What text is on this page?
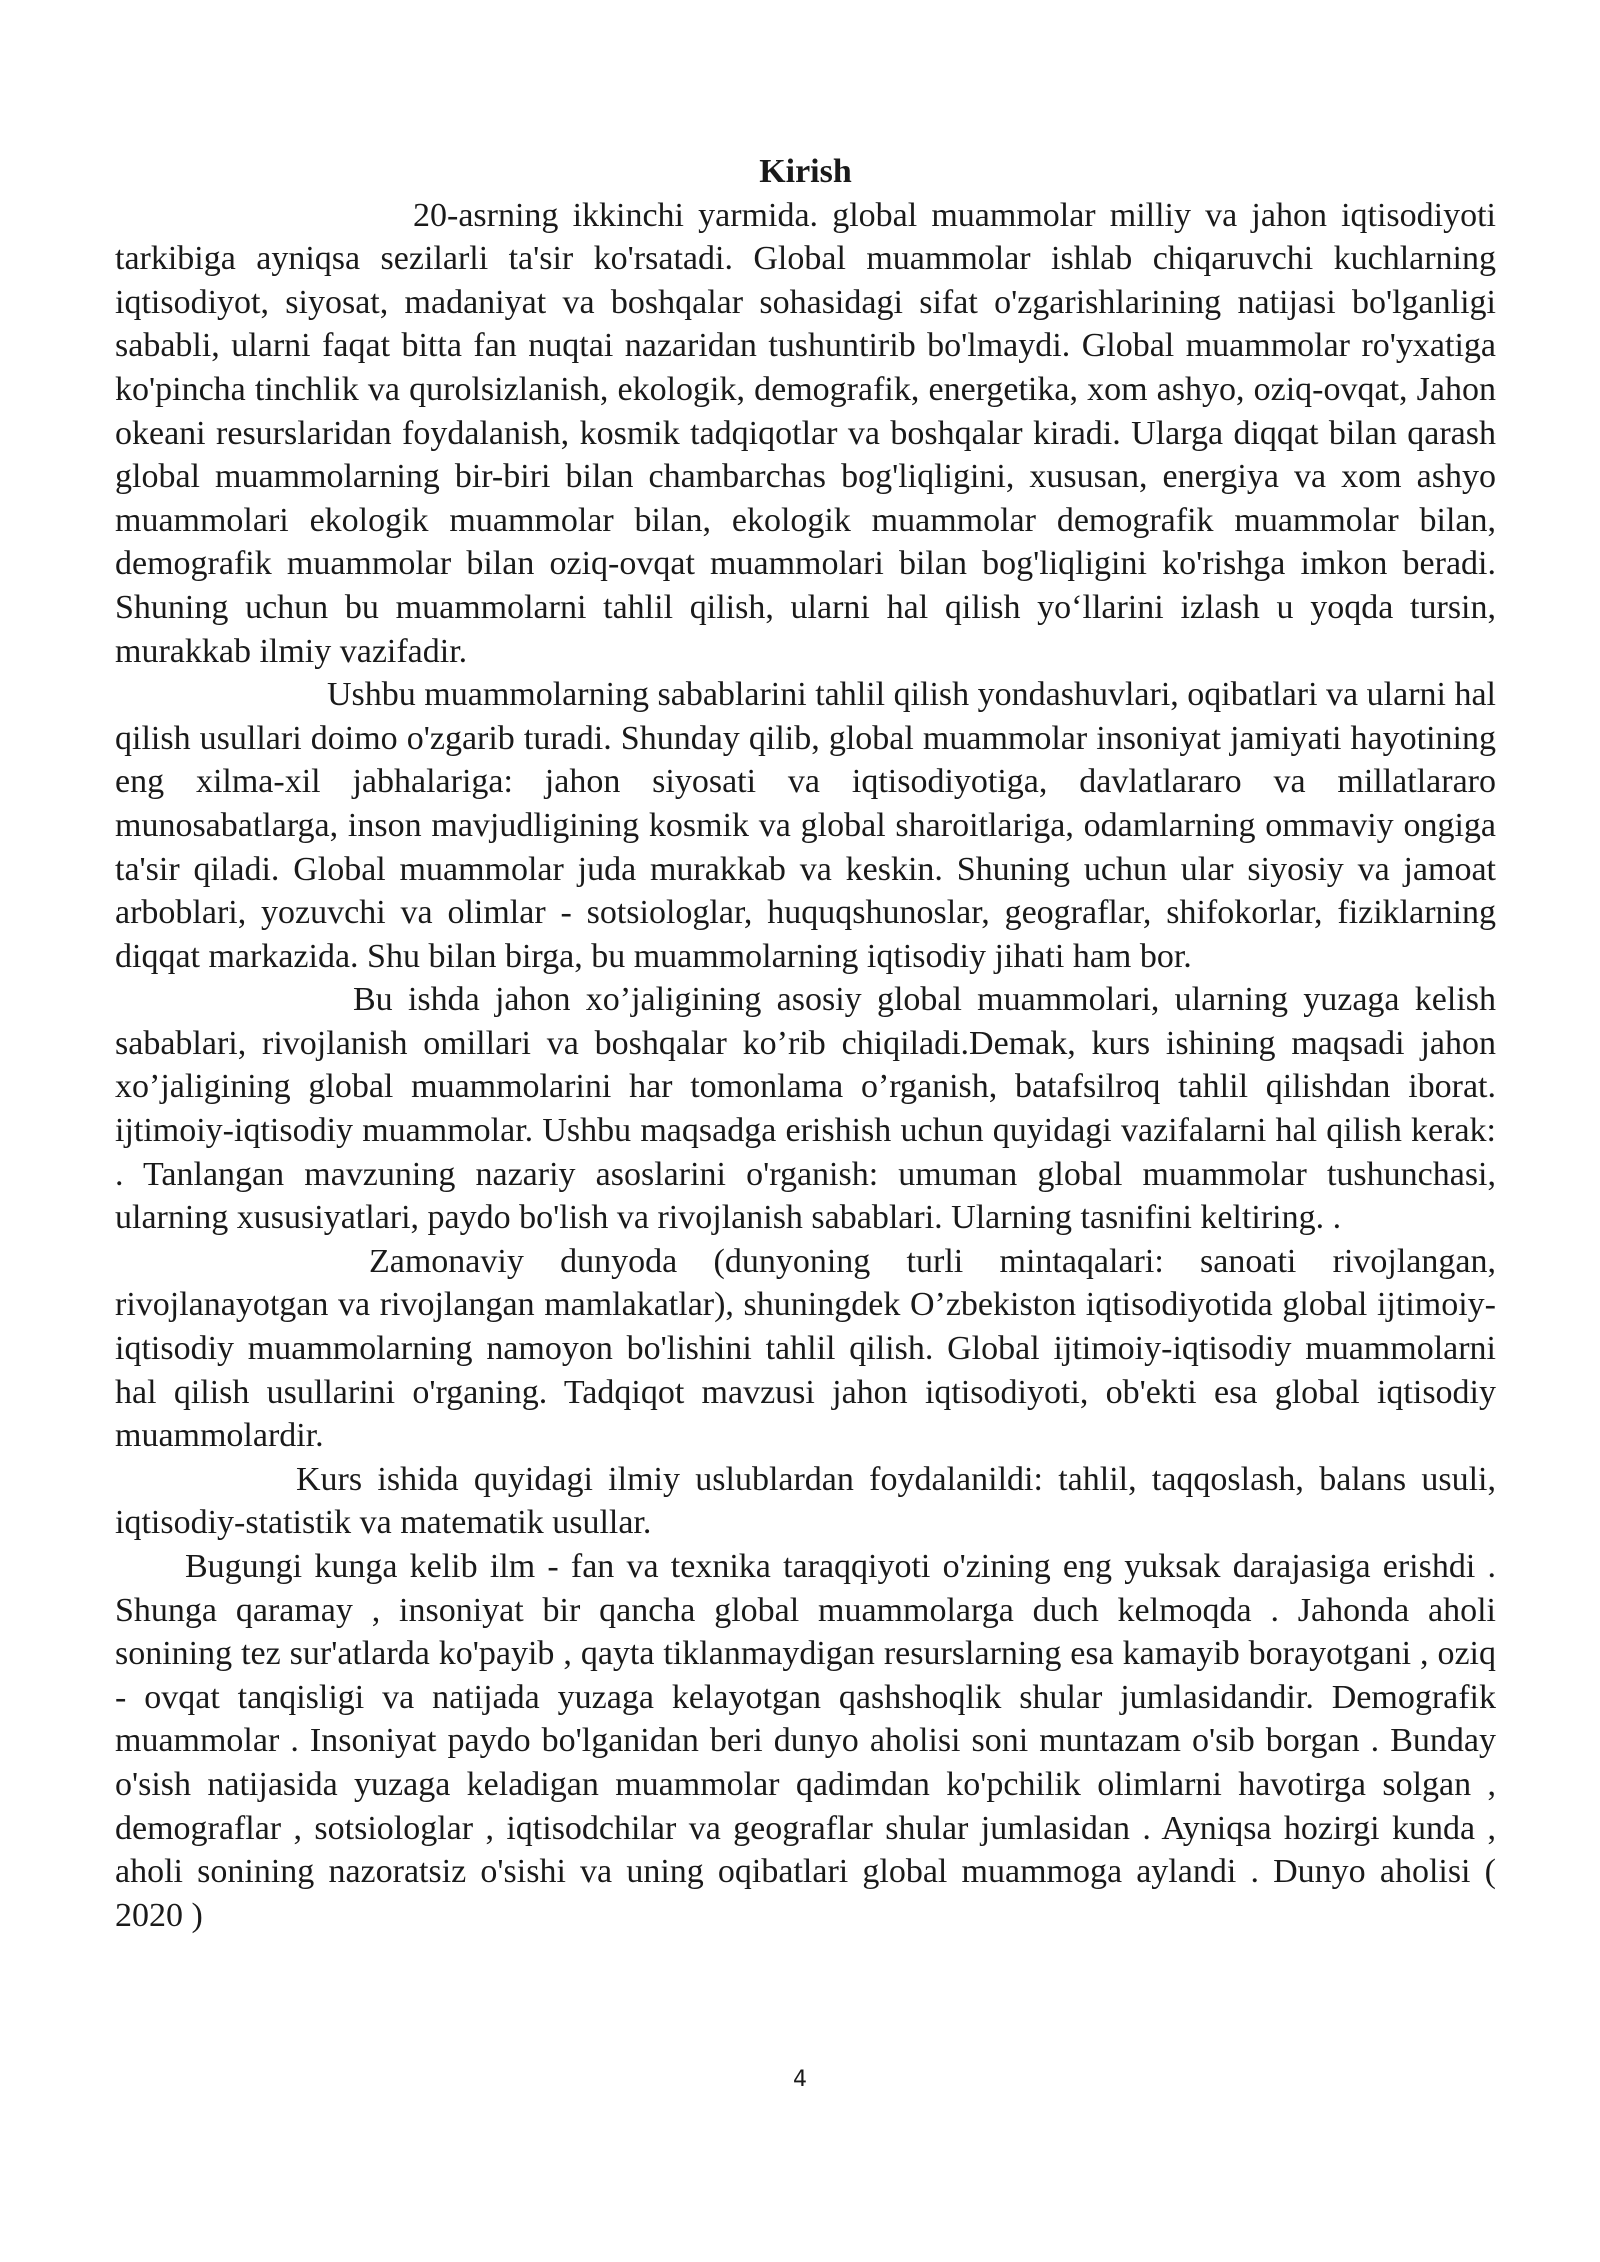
Kirish

20-asrning ikkinchi yarmida. global muammolar milliy va jahon iqtisodiyoti tarkibiga ayniqsa sezilarli ta'sir ko'rsatadi. Global muammolar ishlab chiqaruvchi kuchlarning iqtisodiyot, siyosat, madaniyat va boshqalar sohasidagi sifat o'zgarishlarining natijasi bo'lganligi sababli, ularni faqat bitta fan nuqtai nazaridan tushuntirib bo'lmaydi. Global muammolar ro'yxatiga ko'pincha tinchlik va qurolsizlanish, ekologik, demografik, energetika, xom ashyo, oziq-ovqat, Jahon okeani resurslaridan foydalanish, kosmik tadqiqotlar va boshqalar kiradi. Ularga diqqat bilan qarash global muammolarning bir-biri bilan chambarchas bog'liqligini, xususan, energiya va xom ashyo muammolari ekologik muammolar bilan, ekologik muammolar demografik muammolar bilan, demografik muammolar bilan oziq-ovqat muammolari bilan bog'liqligini ko'rishga imkon beradi. Shuning uchun bu muammolarni tahlil qilish, ularni hal qilish yo‘llarini izlash u yoqda tursin, murakkab ilmiy vazifadir.

Ushbu muammolarning sabablarini tahlil qilish yondashuvlari, oqibatlari va ularni hal qilish usullari doimo o'zgarib turadi. Shunday qilib, global muammolar insoniyat jamiyati hayotining eng xilma-xil jabhalariga: jahon siyosati va iqtisodiyotiga, davlatlararo va millatlararo munosabatlarga, inson mavjudligining kosmik va global sharoitlariga, odamlarning ommaviy ongiga ta'sir qiladi. Global muammolar juda murakkab va keskin. Shuning uchun ular siyosiy va jamoat arboblari, yozuvchi va olimlar - sotsiologlar, huquqshunoslar, geograflar, shifokorlar, fiziklarning diqqat markazida. Shu bilan birga, bu muammolarning iqtisodiy jihati ham bor.

Bu ishda jahon xo’jaligining asosiy global muammolari, ularning yuzaga kelish sabablari, rivojlanish omillari va boshqalar ko’rib chiqiladi.Demak, kurs ishining maqsadi jahon xo’jaligining global muammolarini har tomonlama o’rganish, batafsilroq tahlil qilishdan iborat. ijtimoiy-iqtisodiy muammolar. Ushbu maqsadga erishish uchun quyidagi vazifalarni hal qilish kerak: . Tanlangan mavzuning nazariy asoslarini o'rganish: umuman global muammolar tushunchasi, ularning xususiyatlari, paydo bo'lish va rivojlanish sabablari. Ularning tasnifini keltiring. .

Zamonaviy dunyoda (dunyoning turli mintaqalari: sanoati rivojlangan, rivojlanayotgan va rivojlangan mamlakatlar), shuningdek O’zbekiston iqtisodiyotida global ijtimoiy-iqtisodiy muammolarning namoyon bo'lishini tahlil qilish. Global ijtimoiy-iqtisodiy muammolarni hal qilish usullarini o'rganing. Tadqiqot mavzusi jahon iqtisodiyoti, ob'ekti esa global iqtisodiy muammolardir.

Kurs ishida quyidagi ilmiy uslublardan foydalanildi: tahlil, taqqoslash, balans usuli, iqtisodiy-statistik va matematik usullar.

Bugungi kunga kelib ilm - fan va texnika taraqqiyoti o'zining eng yuksak darajasiga erishdi . Shunga qaramay , insoniyat bir qancha global muammolarga duch kelmoqda . Jahonda aholi sonining tez sur'atlarda ko'payib , qayta tiklanmaydigan resurslarning esa kamayib borayotgani , oziq - ovqat tanqisligi va natijada yuzaga kelayotgan qashshoqlik shular jumlasidandir. Demografik muammolar . Insoniyat paydo bo'lganidan beri dunyo aholisi soni muntazam o'sib borgan . Bunday o'sish natijasida yuzaga keladigan muammolar qadimdan ko'pchilik olimlarni havotirga solgan , demograflar , sotsiologlar , iqtisodchilar va geograflar shular jumlasidan . Ayniqsa hozirgi kunda , aholi sonining nazoratsiz o'sishi va uning oqibatlari global muammoga aylandi . Dunyo aholisi ( 2020 )

4
